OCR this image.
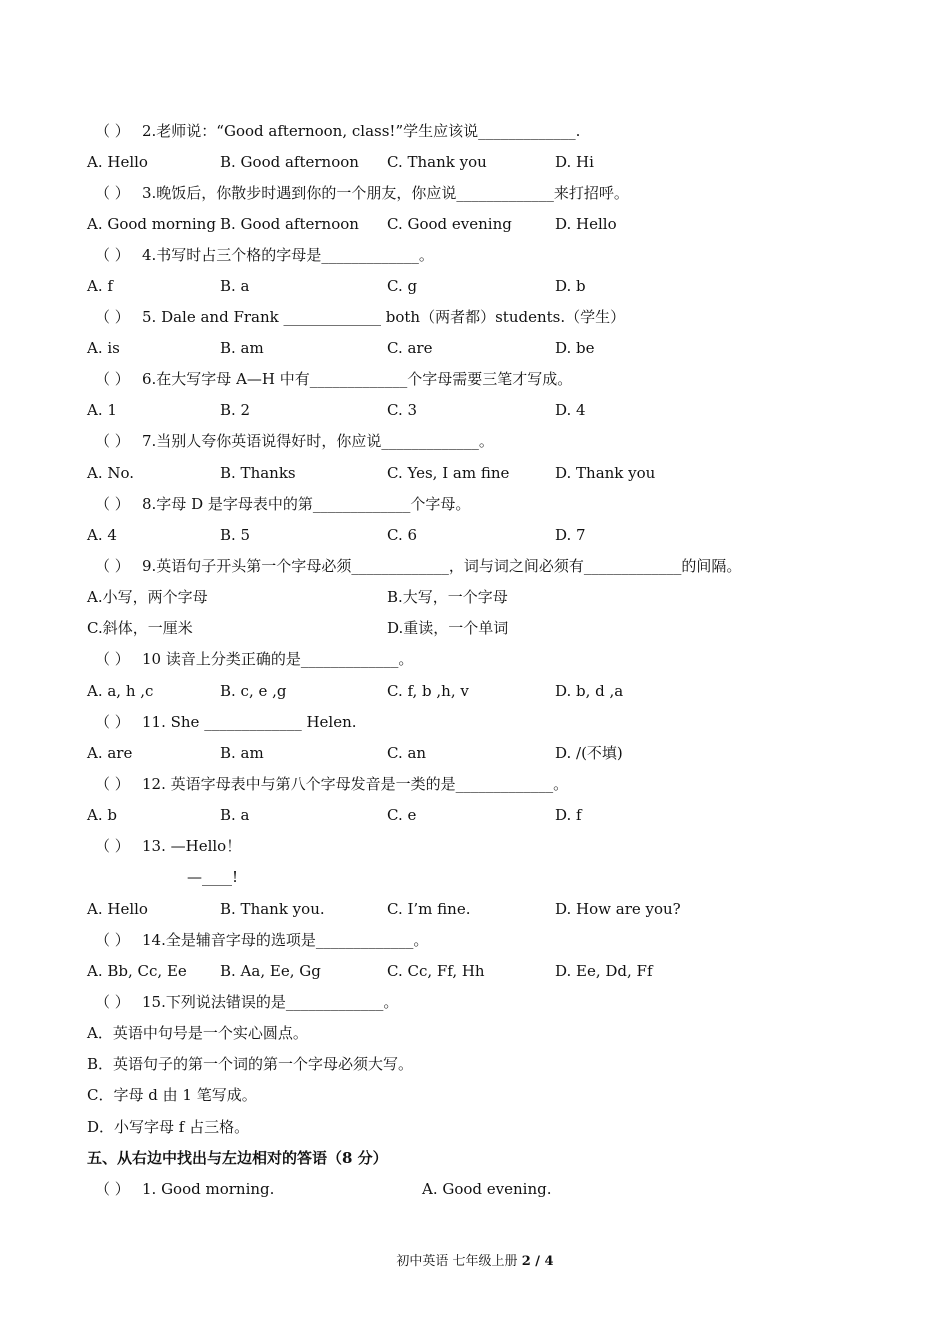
（ ） 2.老师说：“Good afternoon, class!”学生应该说_____________.
A. Hello	B. Good afternoon C. Thank you	D. Hi
（ ） 3.晚饭后，你散步时遇到你的一个朋友，你应说_____________来打招呼。
A. Good morning B. Good afternoon C. Good evening	D. Hello
（ ） 4.书写时占三个格的字母是_____________。
A. f	B. a	C. g	D. b
（ ） 5. Dale and Frank _____________ both（两者都）students.（学生）
A. is	B. am	C. are	D. be
（ ） 6.在大写字母 A—H 中有_____________个字母需要三笔才写成。
A. 1	B. 2	C. 3	D. 4
（ ） 7.当别人夸你英语说得好时，你应说_____________。
A. No.	B. Thanks	C. Yes, I am fine	D. Thank you
（ ） 8.字母 D 是字母表中的第_____________个字母。
A. 4	B. 5	C. 6	D. 7
（ ） 9.英语句子开头第一个字母必须_____________，词与词之间必须有_____________的间隔。
A.小写，两个字母	B.大写，一个字母
C.斜体，一厘米	D.重读，一个单词
（ ） 10 读音上分类正确的是_____________。
A. a, h ,c	B. c, e ,g	C. f, b ,h, v	D. b, d ,a
（ ） 11. She _____________ Helen.
A. are	B. am	C. an	D. /(不填)
（ ） 12. 英语字母表中与第八个字母发音是一类的是_____________。
A. b	B. a	C. e	D. f
（ ） 13. —Hello！
—____!
A. Hello	B. Thank you.	C. I’m fine.	D. How are you?
（ ） 14.全是辅音字母的选项是_____________。
A. Bb, Cc, Ee B. Aa, Ee, Gg	C. Cc, Ff, Hh	D. Ee, Dd, Ff
（ ） 15.下列说法错误的是_____________。
A．英语中句号是一个实心圆点。
B．英语句子的第一个词的第一个字母必须大写。
C．字母 d 由 1 笔写成。
D．小写字母 f 占三格。
五、从右边中找出与左边相对的答语（8 分）
（ ） 1. Good morning.	A. Good evening.
初中英语 七年级上册 2 / 4
